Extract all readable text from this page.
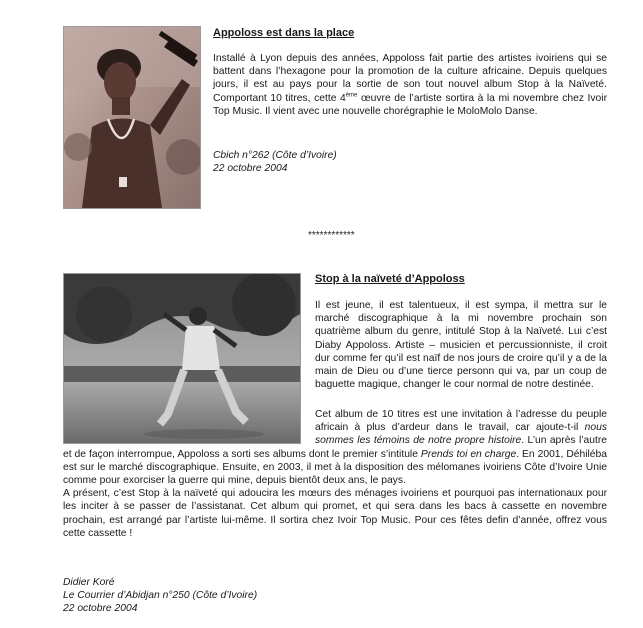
Appoloss est dans la place

Installé à Lyon depuis des années, Appoloss fait partie des artistes ivoiriens qui se battent dans l’hexagone pour la promotion de la culture africaine. Depuis quelques jours, il est au pays pour la sortie de son tout nouvel album Stop à la Naïveté. Comportant 10 titres, cette 4ème œuvre de l’artiste sortira à la mi novembre chez Ivoir Top Music. Il vient avec une nouvelle chorégraphie le MoloMolo Danse.

Cbich n°262 (Côte d’Ivoire)
22 octobre 2004
************
Stop à la naïveté d’Appoloss

Il est jeune, il est talentueux, il est sympa, il mettra sur le marché discographique à la mi novembre prochain son quatrième album du genre, intitulé Stop à la Naïveté. Lui c’est Diaby Appoloss. Artiste – musicien et percussionniste, il croit dur comme fer qu’il est naïf de nos jours de croire qu’il y a de la main de Dieu ou d’une tierce personn qui va, par un coup de baguette magique, changer le cour normal de notre destinée.

Cet album de 10 titres est une invitation à l’adresse du peuple africain à plus d’ardeur dans le travail, car ajoute-t-il nous sommes les témoins de notre propre histoire. L’un après l’autre et de façon interrompue, Appoloss a sorti ses albums dont le premier s’intitule Prends toi en charge. En 2001, Déhiléba est sur le marché discographique. Ensuite, en 2003, il met à la disposition des mélomanes ivoiriens Côte d’Ivoire Unie comme pour exorciser la guerre qui mine, depuis bientôt deux ans, le pays.

A présent, c’est Stop à la naïveté qui adoucira les mœurs des ménages ivoiriens et pourquoi pas internationaux pour les inciter à se passer de l’assistanat. Cet album qui promet, et qui sera dans les bacs à cassette en novembre prochain, est arrangé par l’artiste lui-même. Il sortira chez Ivoir Top Music. Pour ces fêtes defin d’année, offrez vous cette cassette !

Didier Koré
Le Courrier d’Abidjan n°250 (Côte d’Ivoire)
22 octobre 2004
